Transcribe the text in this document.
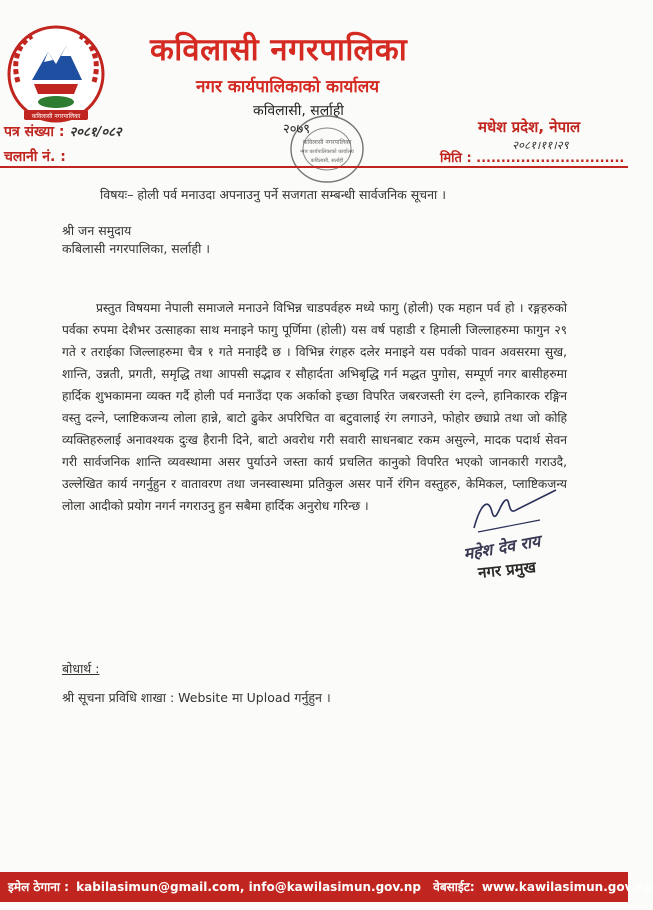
कविलासी नगरपालिका
कविलासी नगरपालिका
नगर कार्यपालिकाको कार्यालय
कविलासी, सर्लाही
२०७९
कविलासी नगरपालिका
नगर कार्यपालिकाको कार्यालय
कविलासी, सर्लाही
पत्र संख्या : २०८१/०८२
चलानी नं. :
मधेश प्रदेश, नेपाल
२०८१।११।२९
मिति : ..............................
विषयः– होली पर्व मनाउदा अपनाउनु पर्ने सजगता सम्बन्धी सार्वजनिक सूचना ।
श्री जन समुदाय
कबिलासी नगरपालिका, सर्लाही ।
प्रस्तुत विषयमा नेपाली समाजले मनाउने विभिन्न चाडपर्वहरु मध्ये फागु (होली) एक महान पर्व हो । रङ्गहरुको पर्वका रुपमा देशैभर उत्साहका साथ मनाइने फागु पूर्णिमा (होली) यस वर्ष पहाडी र हिमाली जिल्लाहरुमा फागुन २९ गते र तराईका जिल्लाहरुमा चैत्र १ गते मनाईदै छ । विभिन्न रंगहरु दलेर मनाइने यस पर्वको पावन अवसरमा सुख, शान्ति, उन्नती, प्रगती, समृद्धि तथा आपसी सद्भाव र सौहार्दता अभिबृद्धि गर्न मद्धत पुगोस, सम्पूर्ण नगर बासीहरुमा हार्दिक शुभकामना व्यक्त गर्दै होली पर्व मनाउँदा एक अर्काको इच्छा विपरित जबरजस्ती रंग दल्ने, हानिकारक रङ्गिन वस्तु दल्ने, प्लाष्टिकजन्य लोला हान्ने, बाटो ढुकेर अपरिचित वा बटुवालाई रंग लगाउने, फोहोर छ्याप्ने तथा जो कोहि व्यक्तिहरुलाई अनावश्यक दुःख हैरानी दिने, बाटो अवरोध गरी सवारी साधनबाट रकम असुल्ने, मादक पदार्थ सेवन गरी सार्वजनिक शान्ति व्यवस्थामा असर पुर्याउने जस्ता कार्य प्रचलित कानुको विपरित भएको जानकारी गराउदै, उल्लेखित कार्य नगर्नुहुन र वातावरण तथा जनस्वास्थमा प्रतिकुल असर पार्ने रंगिन वस्तुहरु, केमिकल, प्लाष्टिकजन्य लोला आदीको प्रयोग नगर्न नगराउनु हुन सबैमा हार्दिक अनुरोध गरिन्छ ।
महेश देव राय
नगर प्रमुख
बोधार्थ :
श्री सूचना प्रविधि शाखा : Website मा Upload गर्नुहुन ।
इमेल ठेगाना : kabilasimun@gmail.com, info@kawilasimun.gov.np वेबसाईट: www.kawilasimun.gov.np
